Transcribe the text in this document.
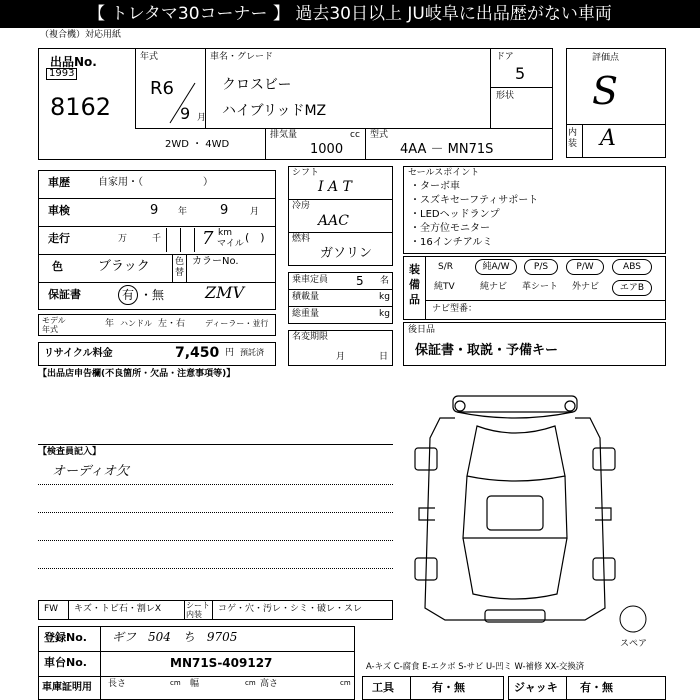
【 トレタマ30コーナー 】 過去30日以上 JU岐阜に出品歴がない車両
（複合機）対応用紙
出品No.
1993
8162
年式
R6
9 月
車名・グレード
クロスビー
ハイブリッドMZ
ドア
5
形状
2WD ・ 4WD
排気量	cc
1000
型式
4AA － MN71S
評価点
S
内装 A
車歴	自家用・（　　　　　　）
車検	9 年	9 月
走行	万	千 7 km
マイル (　)
色	ブラック	色替
カラーNo.
保証書	有 ・無	ZMV
モデル年式
年 ハンドル 左・右 ディーラー・並行
リサイクル料金	7,450 円 預託済
シフト
I A T
冷房
AAC
燃料
ガソリン
乗車定員 5 名
積載量	kg
総重量	kg
名変期限
月	日
セールスポイント
・ターボ車
・スズキセーフティサポート
・LEDヘッドランプ
・全方位モニター
・16インチアルミ
装備品
S/R	純A/W	P/S	P/W	ABS
純TV	純ナビ 革シート 外ナビ	エアB
ナビ型番：
後日品
保証書・取説・予備キー
【出品店申告欄(不良箇所・欠品・注意事項等)】
【検査員記入】
オーディオ欠
FW キズ・トビ石・割レX	シート内装
コゲ・穴・汚レ・シミ・破レ・スレ
登録No. ギフ　504　ち　9705
車台No.	MN71S-409127
車庫証明用 長さ	幅	高さ
cm	cm	cm
スペア
A-キズ C-腐食 E-エクボ S-サビ U-凹ミ W-補修 XX-交換済
工具	有・無	ジャッキ 有・無
